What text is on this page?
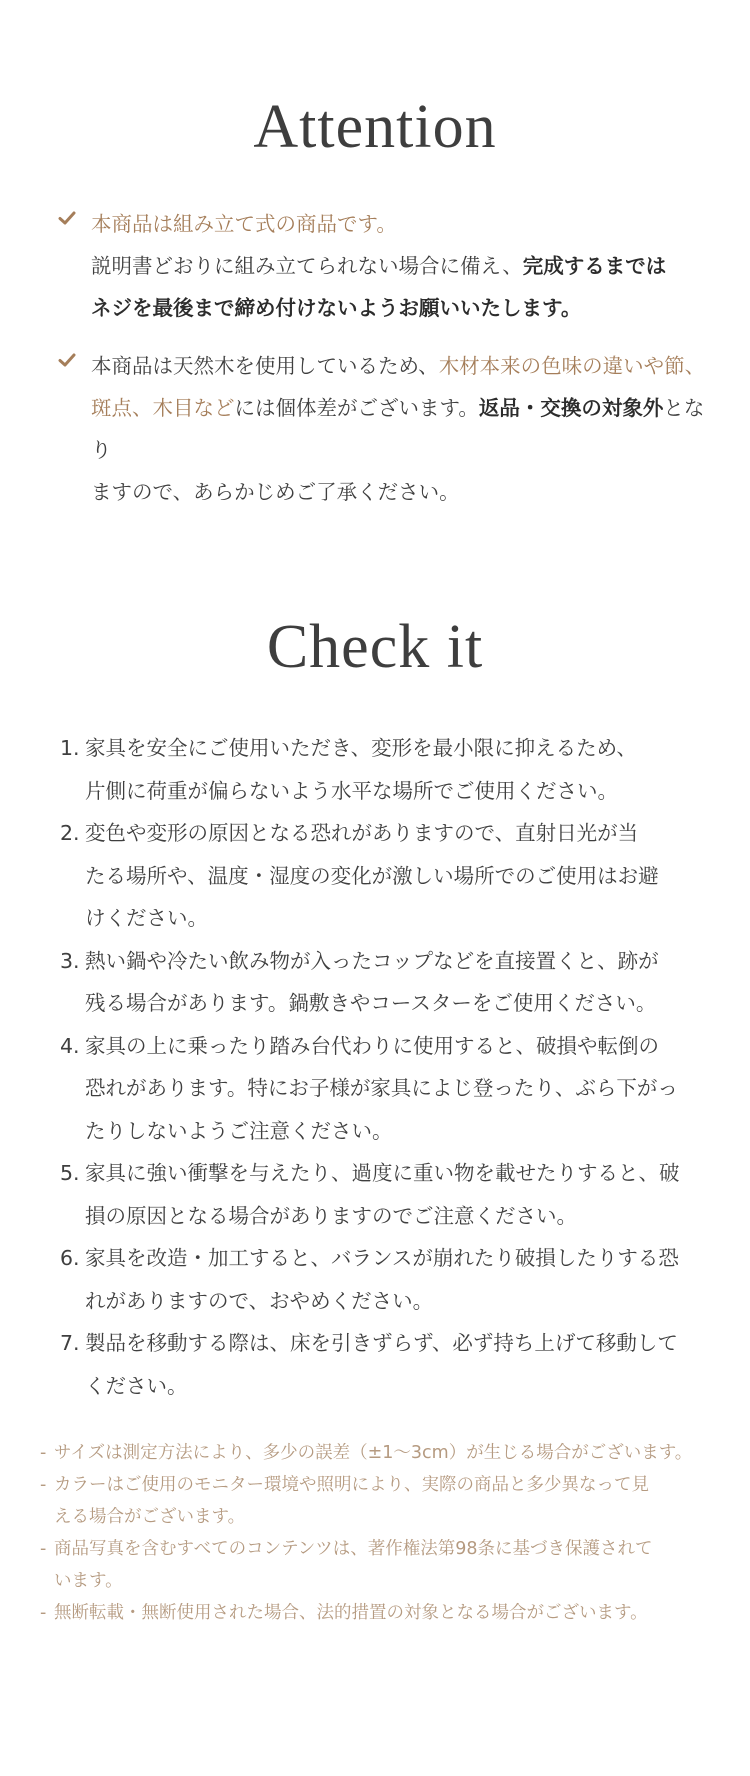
Attention
本商品は組み立て式の商品です。
説明書どおりに組み立てられない場合に備え、完成するまでは
ネジを最後まで締め付けないようお願いいたします。
本商品は天然木を使用しているため、木材本来の色味の違いや節、
斑点、木目などには個体差がございます。返品・交換の対象外となり
ますので、あらかじめご了承ください。
Check it
1. 家具を安全にご使用いただき、変形を最小限に抑えるため、
片側に荷重が偏らないよう水平な場所でご使用ください。
2. 変色や変形の原因となる恐れがありますので、直射日光が当
たる場所や、温度・湿度の変化が激しい場所でのご使用はお避
けください。
3. 熱い鍋や冷たい飲み物が入ったコップなどを直接置くと、跡が
残る場合があります。鍋敷きやコースターをご使用ください。
4. 家具の上に乗ったり踏み台代わりに使用すると、破損や転倒の
恐れがあります。特にお子様が家具によじ登ったり、ぶら下がっ
たりしないようご注意ください。
5. 家具に強い衝撃を与えたり、過度に重い物を載せたりすると、破
損の原因となる場合がありますのでご注意ください。
6. 家具を改造・加工すると、バランスが崩れたり破損したりする恐
れがありますので、おやめください。
7. 製品を移動する際は、床を引きずらず、必ず持ち上げて移動して
ください。
- サイズは測定方法により、多少の誤差（±1〜3cm）が生じる場合がございます。
- カラーはご使用のモニター環境や照明により、実際の商品と多少異なって見
える場合がございます。
- 商品写真を含むすべてのコンテンツは、著作権法第98条に基づき保護されて
います。
- 無断転載・無断使用された場合、法的措置の対象となる場合がございます。
